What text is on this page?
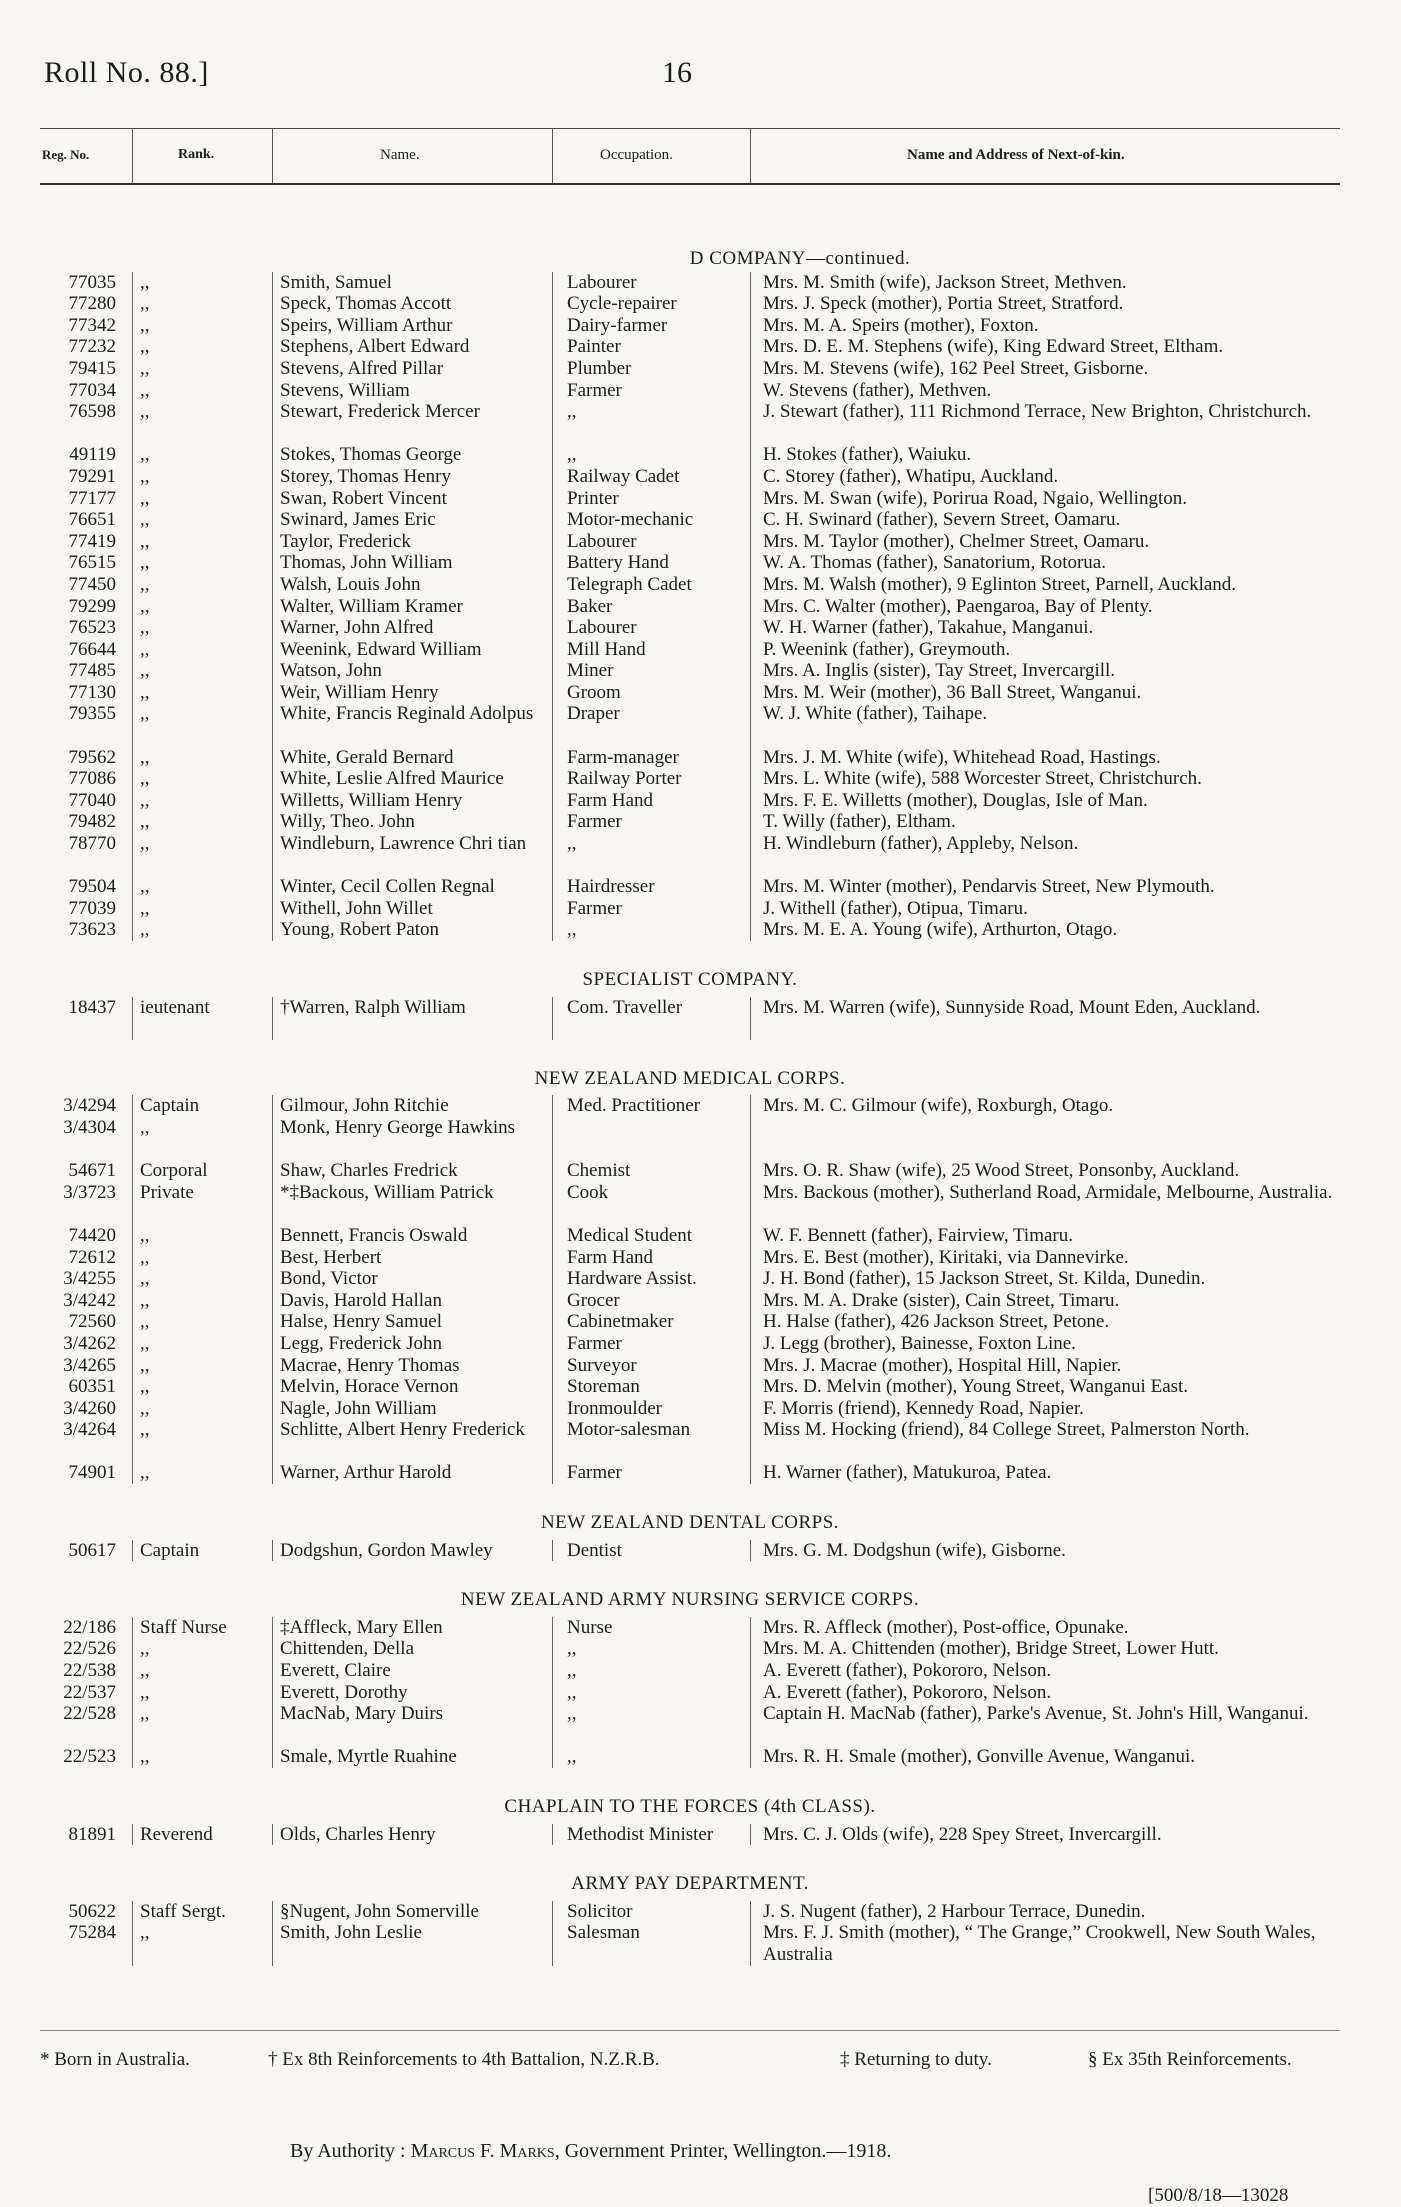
Roll No. 88.]	16
Reg. No.	Rank.	Name.	Occupation.	Name and Address of Next-of-kin.
D COMPANY—continued.
77035 ,,	Smith, Samuel	Labourer	Mrs. M. Smith (wife), Jackson Street, Methven.
77280 ,,	Speck, Thomas Accott	Cycle-repairer	Mrs. J. Speck (mother), Portia Street, Stratford.
77342 ,,	Speirs, William Arthur	Dairy-farmer	Mrs. M. A. Speirs (mother), Foxton.
77232 ,,	Stephens, Albert Edward	Painter	Mrs. D. E. M. Stephens (wife), King Edward Street, Eltham.
79415 ,,	Stevens, Alfred Pillar	Plumber	Mrs. M. Stevens (wife), 162 Peel Street, Gisborne.
77034 ,,	Stevens, William	Farmer	W. Stevens (father), Methven.
76598 ,,	Stewart, Frederick Mercer	,,	J. Stewart (father), 111 Richmond Terrace, New Brighton, Christchurch.
49119 ,,	Stokes, Thomas George	,,	H. Stokes (father), Waiuku.
79291 ,,	Storey, Thomas Henry	Railway Cadet	C. Storey (father), Whatipu, Auckland.
77177 ,,	Swan, Robert Vincent	Printer	Mrs. M. Swan (wife), Porirua Road, Ngaio, Wellington.
76651 ,,	Swinard, James Eric	Motor-mechanic	C. H. Swinard (father), Severn Street, Oamaru.
77419 ,,	Taylor, Frederick	Labourer	Mrs. M. Taylor (mother), Chelmer Street, Oamaru.
76515 ,,	Thomas, John William	Battery Hand	W. A. Thomas (father), Sanatorium, Rotorua.
77450 ,,	Walsh, Louis John	Telegraph Cadet	Mrs. M. Walsh (mother), 9 Eglinton Street, Parnell, Auckland.
79299 ,,	Walter, William Kramer	Baker	Mrs. C. Walter (mother), Paengaroa, Bay of Plenty.
76523 ,,	Warner, John Alfred	Labourer	W. H. Warner (father), Takahue, Manganui.
76644 ,,	Weenink, Edward William	Mill Hand	P. Weenink (father), Greymouth.
77485 ,,	Watson, John	Miner	Mrs. A. Inglis (sister), Tay Street, Invercargill.
77130 ,,	Weir, William Henry	Groom	Mrs. M. Weir (mother), 36 Ball Street, Wanganui.
79355 ,,	White, Francis Reginald Adolpus	Draper	W. J. White (father), Taihape.
79562 ,,	White, Gerald Bernard	Farm-manager	Mrs. J. M. White (wife), Whitehead Road, Hastings.
77086 ,,	White, Leslie Alfred Maurice	Railway Porter	Mrs. L. White (wife), 588 Worcester Street, Christchurch.
77040 ,,	Willetts, William Henry	Farm Hand	Mrs. F. E. Willetts (mother), Douglas, Isle of Man.
79482 ,,	Willy, Theo. John	Farmer	T. Willy (father), Eltham.
78770 ,,	Windleburn, Lawrence Chri tian	,,	H. Windleburn (father), Appleby, Nelson.
79504 ,,	Winter, Cecil Collen Regnal	Hairdresser	Mrs. M. Winter (mother), Pendarvis Street, New Plymouth.
77039 ,,	Withell, John Willet	Farmer	J. Withell (father), Otipua, Timaru.
73623 ,,	Young, Robert Paton	,,	Mrs. M. E. A. Young (wife), Arthurton, Otago.
SPECIALIST COMPANY.
18437 ieutenant	†Warren, Ralph William	Com. Traveller	Mrs. M. Warren (wife), Sunnyside Road, Mount Eden, Auckland.
NEW ZEALAND MEDICAL CORPS.
3/4294 Captain	Gilmour, John Ritchie	Med. Practitioner	Mrs. M. C. Gilmour (wife), Roxburgh, Otago.
3/4304 ,,	Monk, Henry George Hawkins
54671 Corporal	Shaw, Charles Fredrick	Chemist	Mrs. O. R. Shaw (wife), 25 Wood Street, Ponsonby, Auckland.
3/3723 Private	*‡Backous, William Patrick	Cook	Mrs. Backous (mother), Sutherland Road, Armidale, Melbourne, Australia.
74420 ,,	Bennett, Francis Oswald	Medical Student	W. F. Bennett (father), Fairview, Timaru.
72612 ,,	Best, Herbert	Farm Hand	Mrs. E. Best (mother), Kiritaki, via Dannevirke.
3/4255 ,,	Bond, Victor	Hardware Assist.	J. H. Bond (father), 15 Jackson Street, St. Kilda, Dunedin.
3/4242 ,,	Davis, Harold Hallan	Grocer	Mrs. M. A. Drake (sister), Cain Street, Timaru.
72560 ,,	Halse, Henry Samuel	Cabinetmaker	H. Halse (father), 426 Jackson Street, Petone.
3/4262 ,,	Legg, Frederick John	Farmer	J. Legg (brother), Bainesse, Foxton Line.
3/4265 ,,	Macrae, Henry Thomas	Surveyor	Mrs. J. Macrae (mother), Hospital Hill, Napier.
60351 ,,	Melvin, Horace Vernon	Storeman	Mrs. D. Melvin (mother), Young Street, Wanganui East.
3/4260 ,,	Nagle, John William	Ironmoulder	F. Morris (friend), Kennedy Road, Napier.
3/4264 ,,	Schlitte, Albert Henry Frederick	Motor-salesman	Miss M. Hocking (friend), 84 College Street, Palmerston North.
74901 ,,	Warner, Arthur Harold	Farmer	H. Warner (father), Matukuroa, Patea.
NEW ZEALAND DENTAL CORPS.
50617 Captain	Dodgshun, Gordon Mawley	Dentist	Mrs. G. M. Dodgshun (wife), Gisborne.
NEW ZEALAND ARMY NURSING SERVICE CORPS.
22/186 Staff Nurse	‡Affleck, Mary Ellen	Nurse	Mrs. R. Affleck (mother), Post-office, Opunake.
22/526 ,,	Chittenden, Della	,,	Mrs. M. A. Chittenden (mother), Bridge Street, Lower Hutt.
22/538 ,,	Everett, Claire	,,	A. Everett (father), Pokororo, Nelson.
22/537 ,,	Everett, Dorothy	,,	A. Everett (father), Pokororo, Nelson.
22/528 ,,	MacNab, Mary Duirs	,,	Captain H. MacNab (father), Parke's Avenue, St. John's Hill, Wanganui.
22/523 ,,	Smale, Myrtle Ruahine	,,	Mrs. R. H. Smale (mother), Gonville Avenue, Wanganui.
CHAPLAIN TO THE FORCES (4th CLASS).
81891 Reverend	Olds, Charles Henry	Methodist Minister	Mrs. C. J. Olds (wife), 228 Spey Street, Invercargill.
ARMY PAY DEPARTMENT.
50622 Staff Sergt.	§Nugent, John Somerville	Solicitor	J. S. Nugent (father), 2 Harbour Terrace, Dunedin.
75284 ,,	Smith, John Leslie	Salesman	Mrs. F. J. Smith (mother), “ The Grange,” Crookwell, New South Wales, Australia
* Born in Australia.	† Ex 8th Reinforcements to 4th Battalion, N.Z.R.B.	‡ Returning to duty.	§ Ex 35th Reinforcements.
By Authority : Marcus F. Marks, Government Printer, Wellington.—1918.
[500/8/18—13028
